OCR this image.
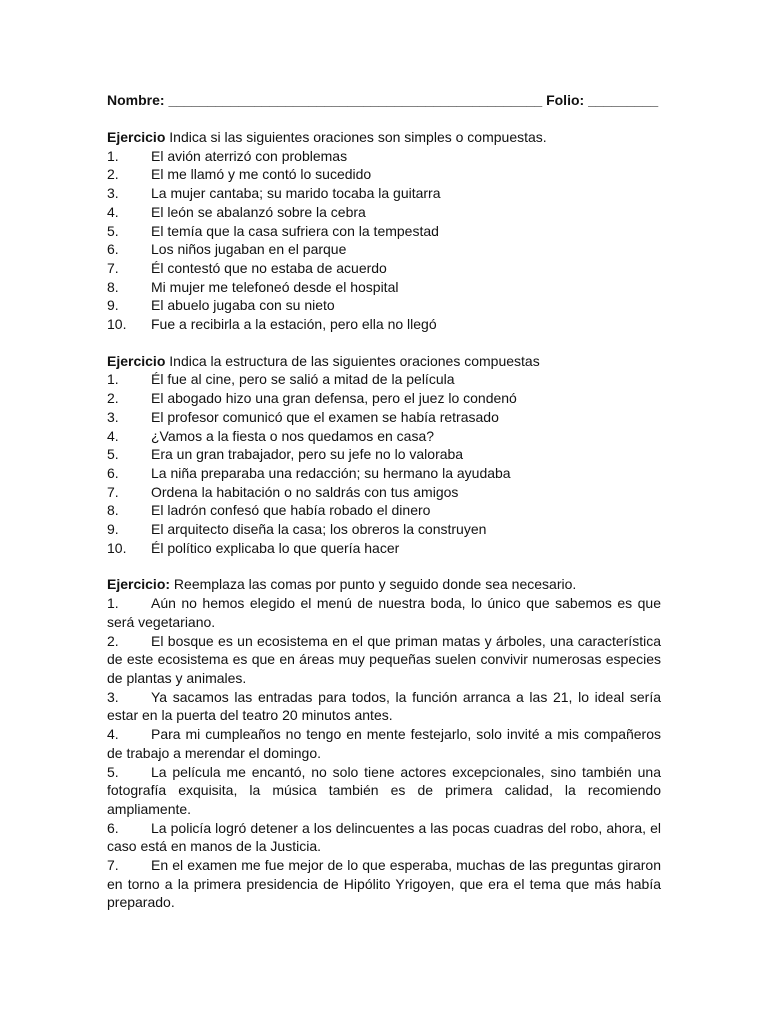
Nombre: ________________________________________________ Folio: _________
Ejercicio Indica si las siguientes oraciones son simples o compuestas.
1. El avión aterrizó con problemas
2. El me llamó y me contó lo sucedido
3. La mujer cantaba; su marido tocaba la guitarra
4. El león se abalanzó sobre la cebra
5. El temía que la casa sufriera con la tempestad
6. Los niños jugaban en el parque
7. Él contestó que no estaba de acuerdo
8. Mi mujer me telefoneó desde el hospital
9. El abuelo jugaba con su nieto
10. Fue a recibirla a la estación, pero ella no llegó
Ejercicio Indica la estructura de las siguientes oraciones compuestas
1. Él fue al cine, pero se salió a mitad de la película
2. El abogado hizo una gran defensa, pero el juez lo condenó
3. El profesor comunicó que el examen se había retrasado
4. ¿Vamos a la fiesta o nos quedamos en casa?
5. Era un gran trabajador, pero su jefe no lo valoraba
6. La niña preparaba una redacción; su hermano la ayudaba
7. Ordena la habitación o no saldrás con tus amigos
8. El ladrón confesó que había robado el dinero
9. El arquitecto diseña la casa; los obreros la construyen
10. Él político explicaba lo que quería hacer
Ejercicio: Reemplaza las comas por punto y seguido donde sea necesario.
1. Aún no hemos elegido el menú de nuestra boda, lo único que sabemos es que será vegetariano.
2. El bosque es un ecosistema en el que priman matas y árboles, una característica de este ecosistema es que en áreas muy pequeñas suelen convivir numerosas especies de plantas y animales.
3. Ya sacamos las entradas para todos, la función arranca a las 21, lo ideal sería estar en la puerta del teatro 20 minutos antes.
4. Para mi cumpleaños no tengo en mente festejarlo, solo invité a mis compañeros de trabajo a merendar el domingo.
5. La película me encantó, no solo tiene actores excepcionales, sino también una fotografía exquisita, la música también es de primera calidad, la recomiendo ampliamente.
6. La policía logró detener a los delincuentes a las pocas cuadras del robo, ahora, el caso está en manos de la Justicia.
7. En el examen me fue mejor de lo que esperaba, muchas de las preguntas giraron en torno a la primera presidencia de Hipólito Yrigoyen, que era el tema que más había preparado.
